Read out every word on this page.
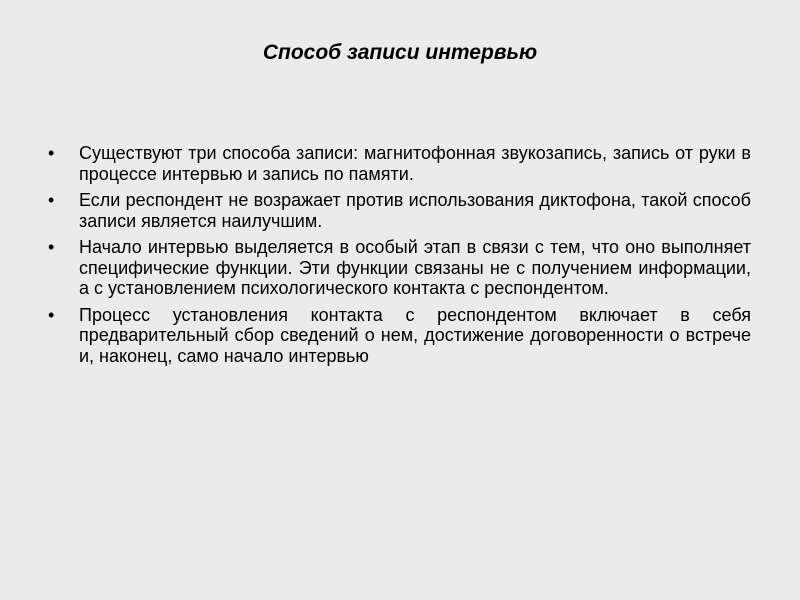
Способ записи интервью
• Существуют три способа записи: магнитофонная звукозапись, запись от руки в процессе интервью и запись по памяти.
• Если респондент не возражает против использования диктофона, такой способ записи является наилучшим.
• Начало интервью выделяется в особый этап в связи с тем, что оно выполняет специфические функции. Эти функции связаны не с получением информации, а с установлением психологического контакта с респондентом.
• Процесс установления контакта с респондентом включает в себя предварительный сбор сведений о нем, достижение договоренности о встрече и, наконец, само начало интервью
